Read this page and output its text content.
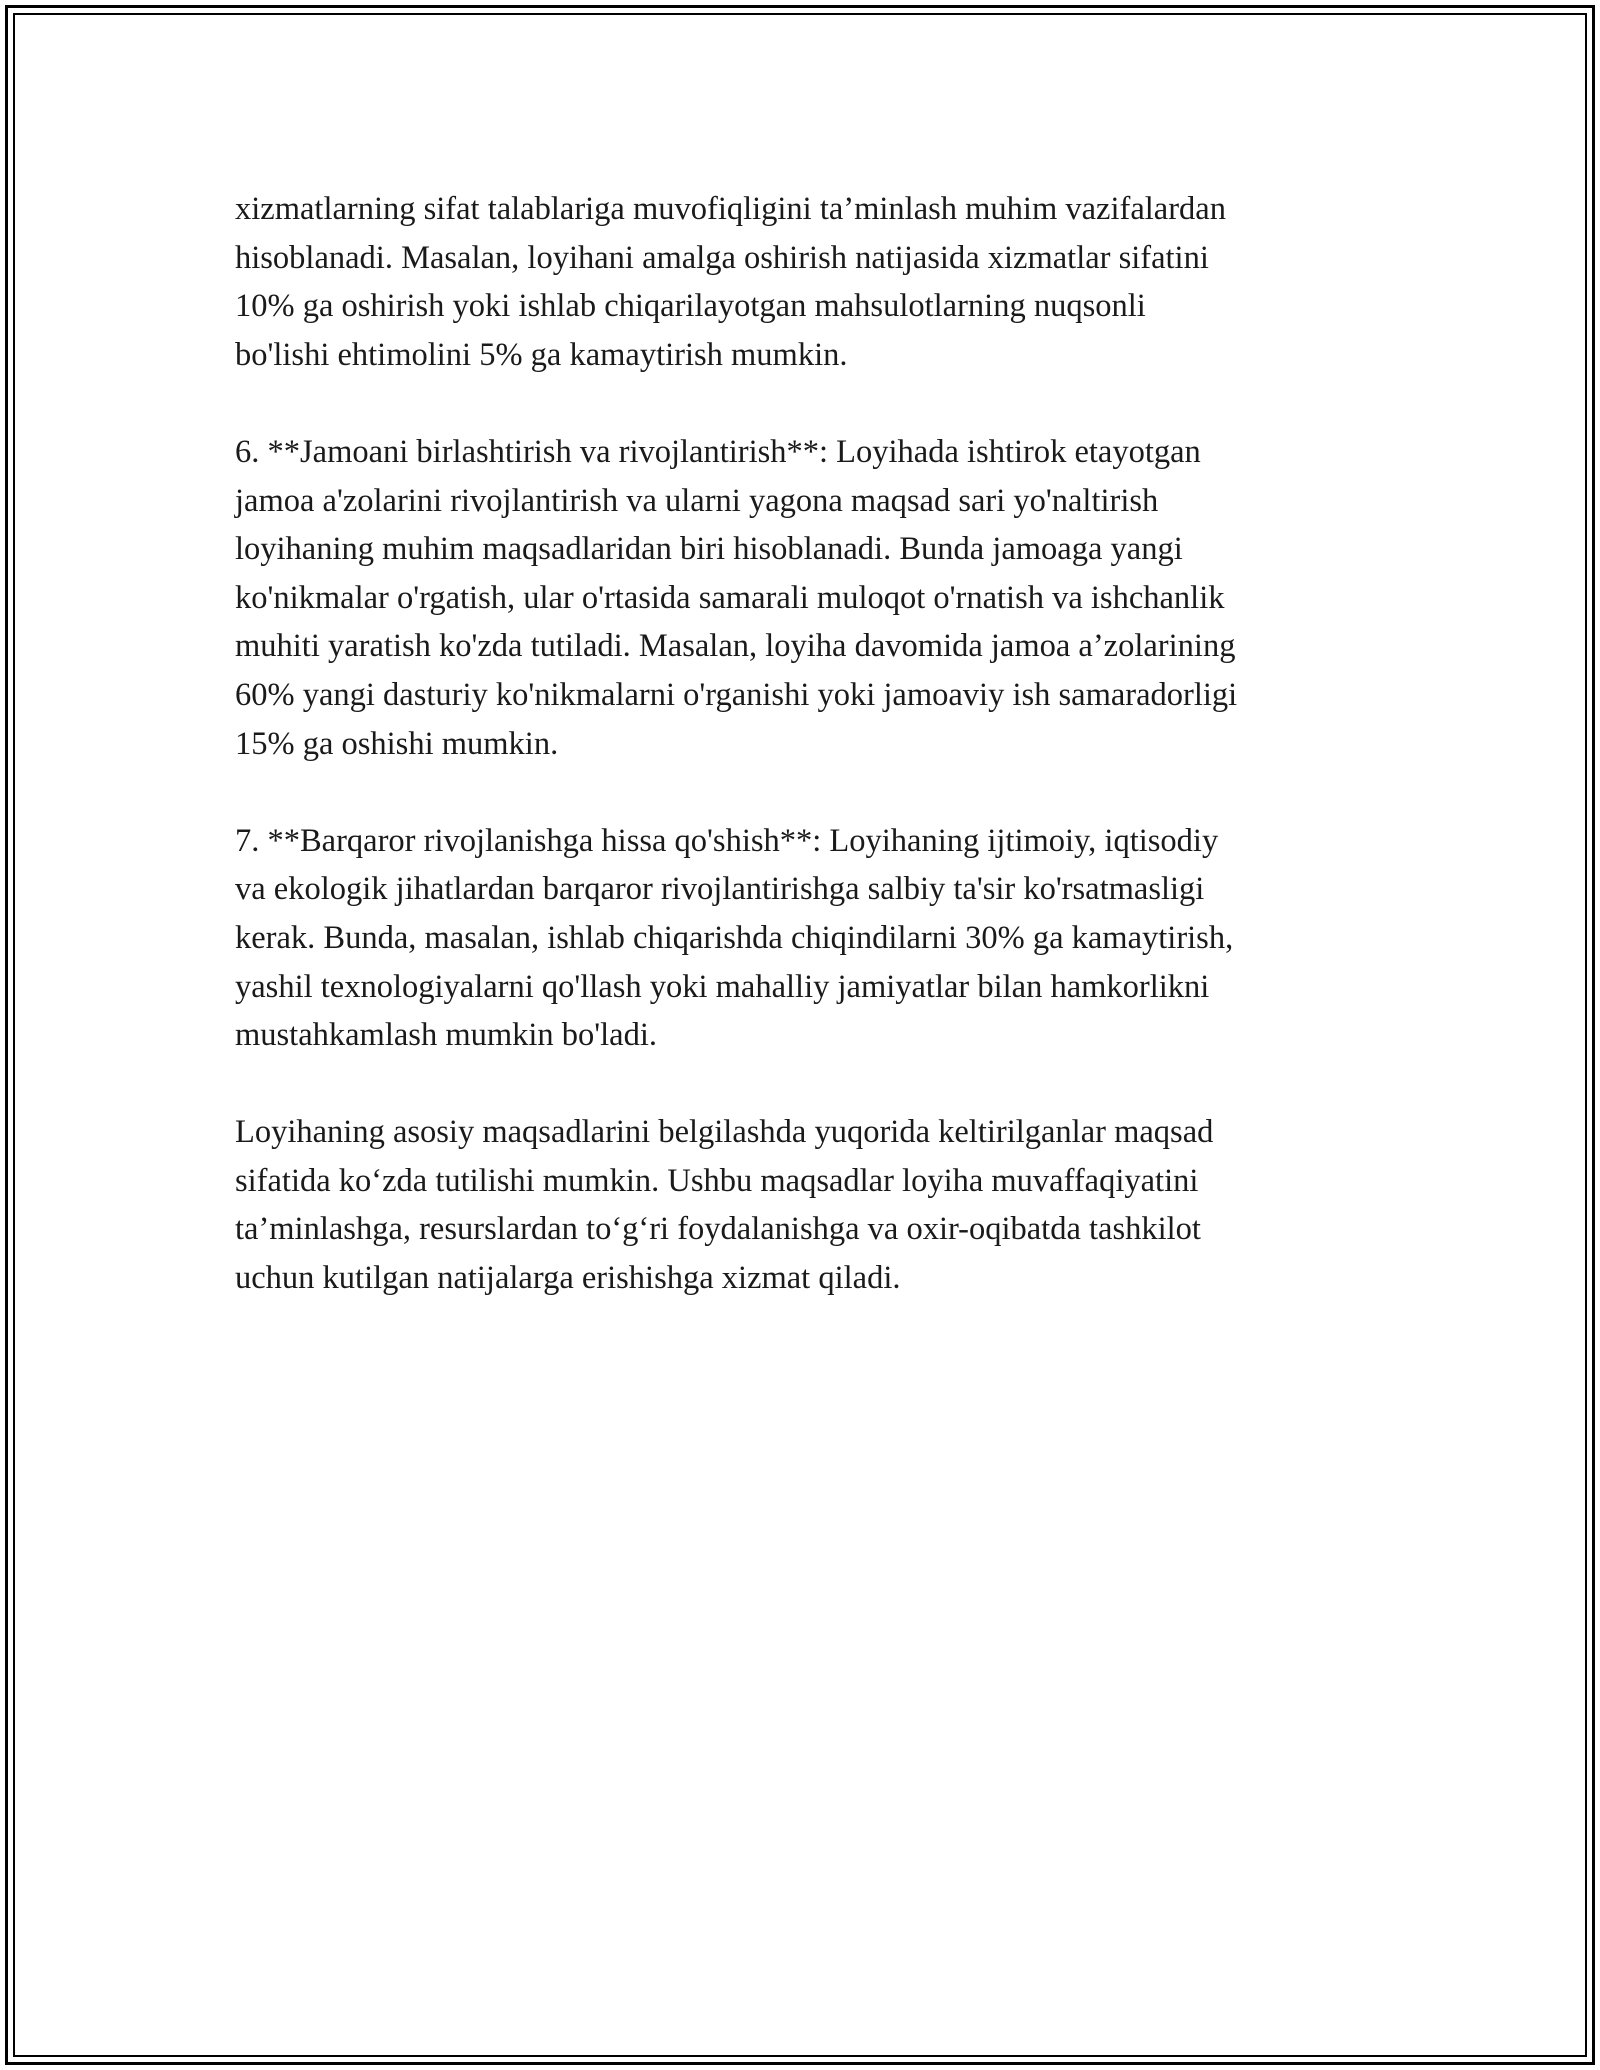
xizmatlarning sifat talablariga muvofiqligini ta’minlash muhim vazifalardan
hisoblanadi. Masalan, loyihani amalga oshirish natijasida xizmatlar sifatini
10% ga oshirish yoki ishlab chiqarilayotgan mahsulotlarning nuqsonli
bo'lishi ehtimolini 5% ga kamaytirish mumkin.

6. **Jamoani birlashtirish va rivojlantirish**: Loyihada ishtirok etayotgan
jamoa a'zolarini rivojlantirish va ularni yagona maqsad sari yo'naltirish
loyihaning muhim maqsadlaridan biri hisoblanadi. Bunda jamoaga yangi
ko'nikmalar o'rgatish, ular o'rtasida samarali muloqot o'rnatish va ishchanlik
muhiti yaratish ko'zda tutiladi. Masalan, loyiha davomida jamoa a’zolarining
60% yangi dasturiy ko'nikmalarni o'rganishi yoki jamoaviy ish samaradorligi
15% ga oshishi mumkin.

7. **Barqaror rivojlanishga hissa qo'shish**: Loyihaning ijtimoiy, iqtisodiy
va ekologik jihatlardan barqaror rivojlantirishga salbiy ta'sir ko'rsatmasligi
kerak. Bunda, masalan, ishlab chiqarishda chiqindilarni 30% ga kamaytirish,
yashil texnologiyalarni qo'llash yoki mahalliy jamiyatlar bilan hamkorlikni
mustahkamlash mumkin bo'ladi.

Loyihaning asosiy maqsadlarini belgilashda yuqorida keltirilganlar maqsad
sifatida ko‘zda tutilishi mumkin. Ushbu maqsadlar loyiha muvaffaqiyatini
ta’minlashga, resurslardan to‘g‘ri foydalanishga va oxir-oqibatda tashkilot
uchun kutilgan natijalarga erishishga xizmat qiladi.
